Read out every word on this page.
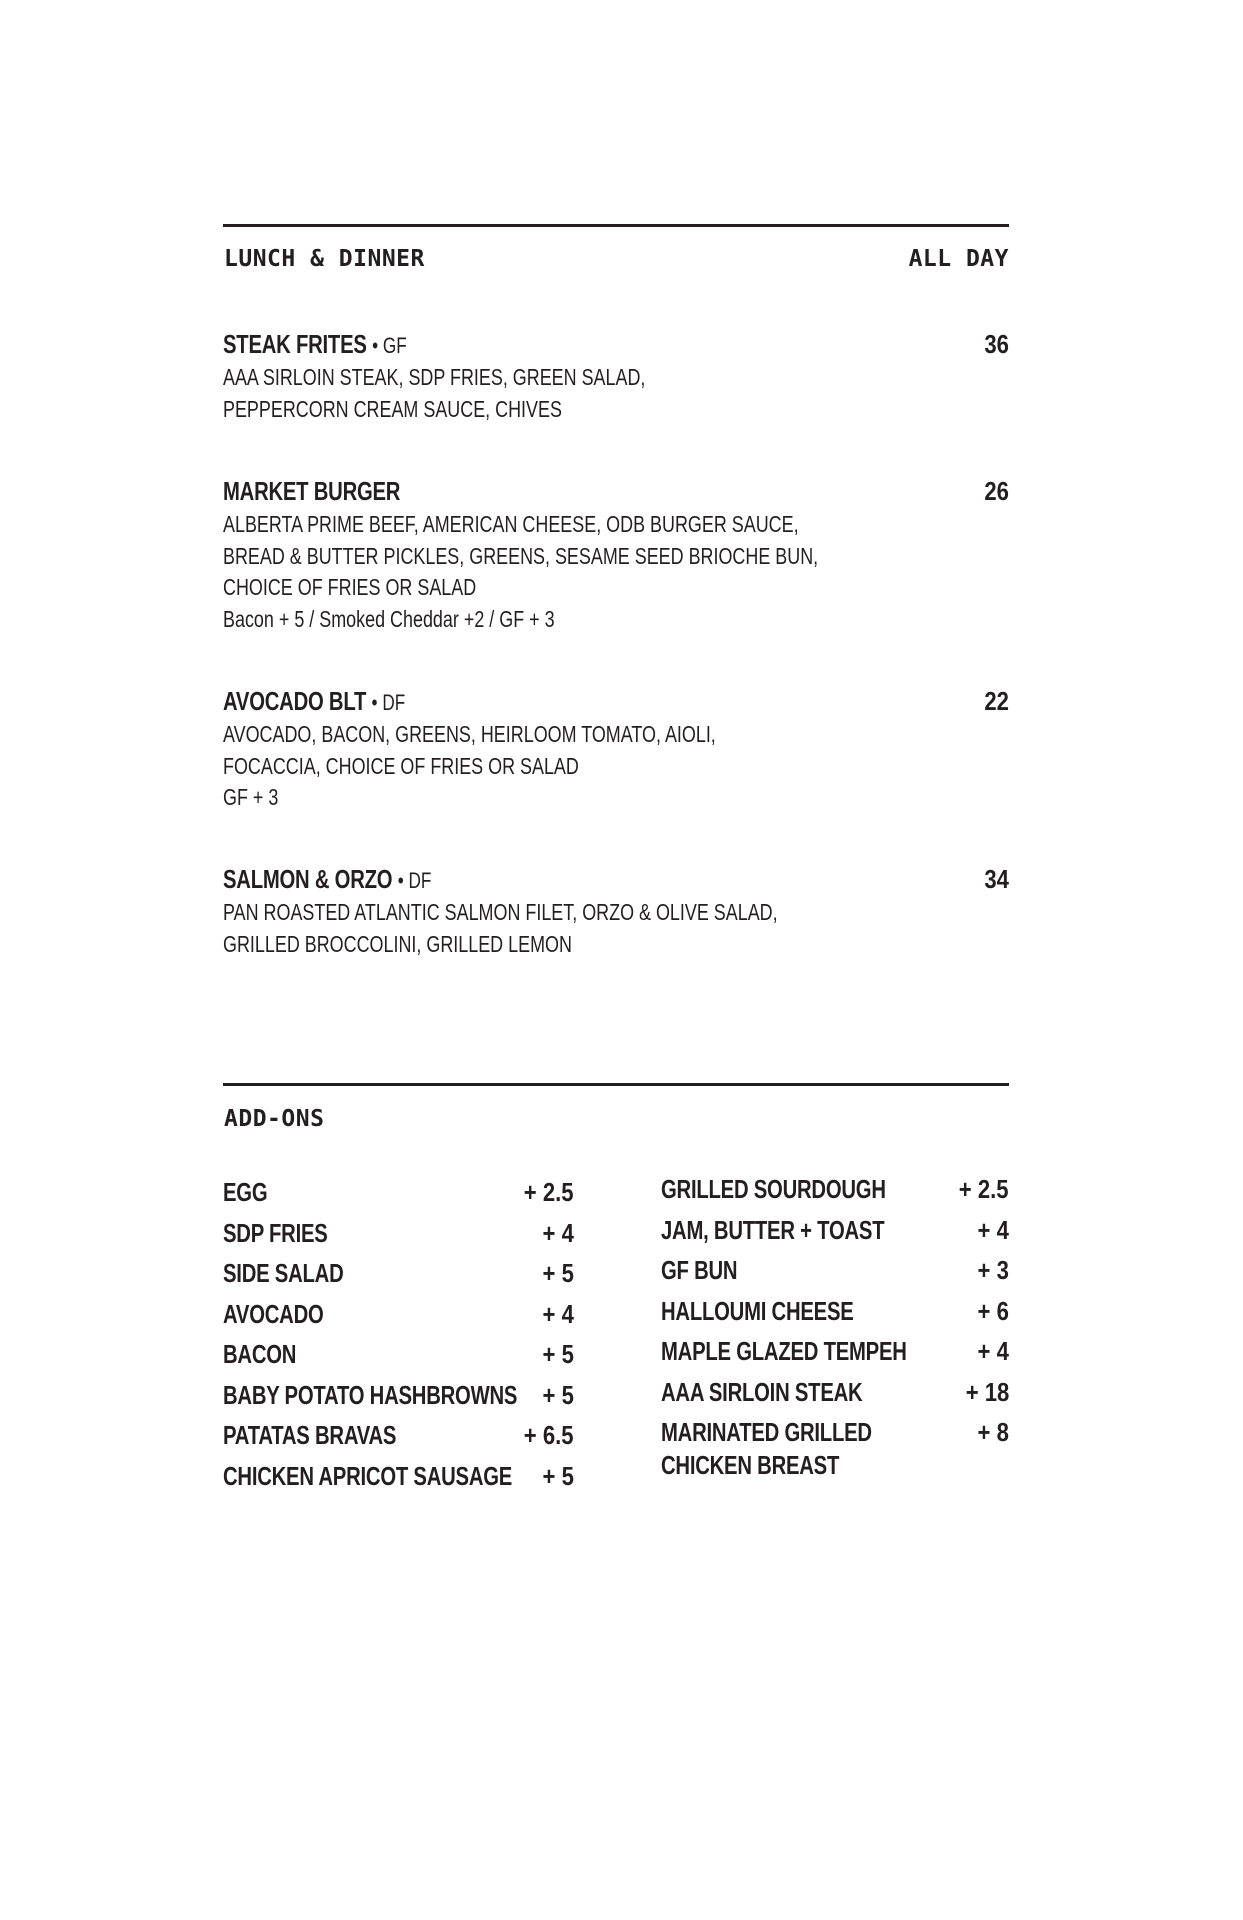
LUNCH & DINNER	ALL DAY
STEAK FRITES • GF	36
AAA SIRLOIN STEAK, SDP FRIES, GREEN SALAD,
PEPPERCORN CREAM SAUCE, CHIVES
MARKET BURGER	26
ALBERTA PRIME BEEF, AMERICAN CHEESE, ODB BURGER SAUCE,
BREAD & BUTTER PICKLES, GREENS, SESAME SEED BRIOCHE BUN,
CHOICE OF FRIES OR SALAD
Bacon + 5 / Smoked Cheddar +2 / GF + 3
AVOCADO BLT • DF	22
AVOCADO, BACON, GREENS, HEIRLOOM TOMATO, AIOLI,
FOCACCIA, CHOICE OF FRIES OR SALAD
GF + 3
SALMON & ORZO • DF	34
PAN ROASTED ATLANTIC SALMON FILET, ORZO & OLIVE SALAD,
GRILLED BROCCOLINI, GRILLED LEMON
ADD-ONS
EGG	+ 2.5
SDP FRIES	+ 4
SIDE SALAD	+ 5
AVOCADO	+ 4
BACON	+ 5
BABY POTATO HASHBROWNS + 5
PATATAS BRAVAS	+ 6.5
CHICKEN APRICOT SAUSAGE + 5
GRILLED SOURDOUGH	+ 2.5
JAM, BUTTER + TOAST	+ 4
GF BUN	+ 3
HALLOUMI CHEESE	+ 6
MAPLE GLAZED TEMPEH	+ 4
AAA SIRLOIN STEAK	+ 18
MARINATED GRILLED
CHICKEN BREAST
+ 8
